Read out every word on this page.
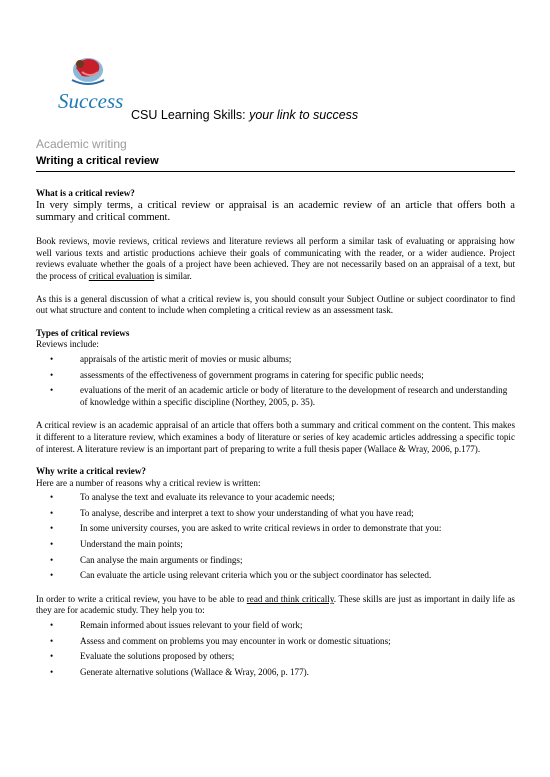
Success
CSU Learning Skills: your link to success
Academic writing
Writing a critical review

What is a critical review?

In very simply terms, a critical review or appraisal is an academic review of an article that offers both a summary and critical comment.

Book reviews, movie reviews, critical reviews and literature reviews all perform a similar task of evaluating or appraising how well various texts and artistic productions achieve their goals of communicating with the reader, or a wider audience. Project reviews evaluate whether the goals of a project have been achieved. They are not necessarily based on an appraisal of a text, but the process of critical evaluation is similar.

As this is a general discussion of what a critical review is, you should consult your Subject Outline or subject coordinator to find out what structure and content to include when completing a critical review as an assessment task.

Types of critical reviews

Reviews include:

•	appraisals of the artistic merit of movies or music albums;
•	assessments of the effectiveness of government programs in catering for specific public needs;
•	evaluations of the merit of an academic article or body of literature to the development of research and understanding of knowledge within a specific discipline (Northey, 2005, p. 35).

A critical review is an academic appraisal of an article that offers both a summary and critical comment on the content. This makes it different to a literature review, which examines a body of literature or series of key academic articles addressing a specific topic of interest. A literature review is an important part of preparing to write a full thesis paper (Wallace & Wray, 2006, p.177).

Why write a critical review?

Here are a number of reasons why a critical review is written:

•	To analyse the text and evaluate its relevance to your academic needs;
•	To analyse, describe and interpret a text to show your understanding of what you have read;
•	In some university courses, you are asked to write critical reviews in order to demonstrate that you:
•	Understand the main points;
•	Can analyse the main arguments or findings;
•	Can evaluate the article using relevant criteria which you or the subject coordinator has selected.

In order to write a critical review, you have to be able to read and think critically. These skills are just as important in daily life as they are for academic study. They help you to:

•	Remain informed about issues relevant to your field of work;
•	Assess and comment on problems you may encounter in work or domestic situations;
•	Evaluate the solutions proposed by others;
•	Generate alternative solutions (Wallace & Wray, 2006, p. 177).
